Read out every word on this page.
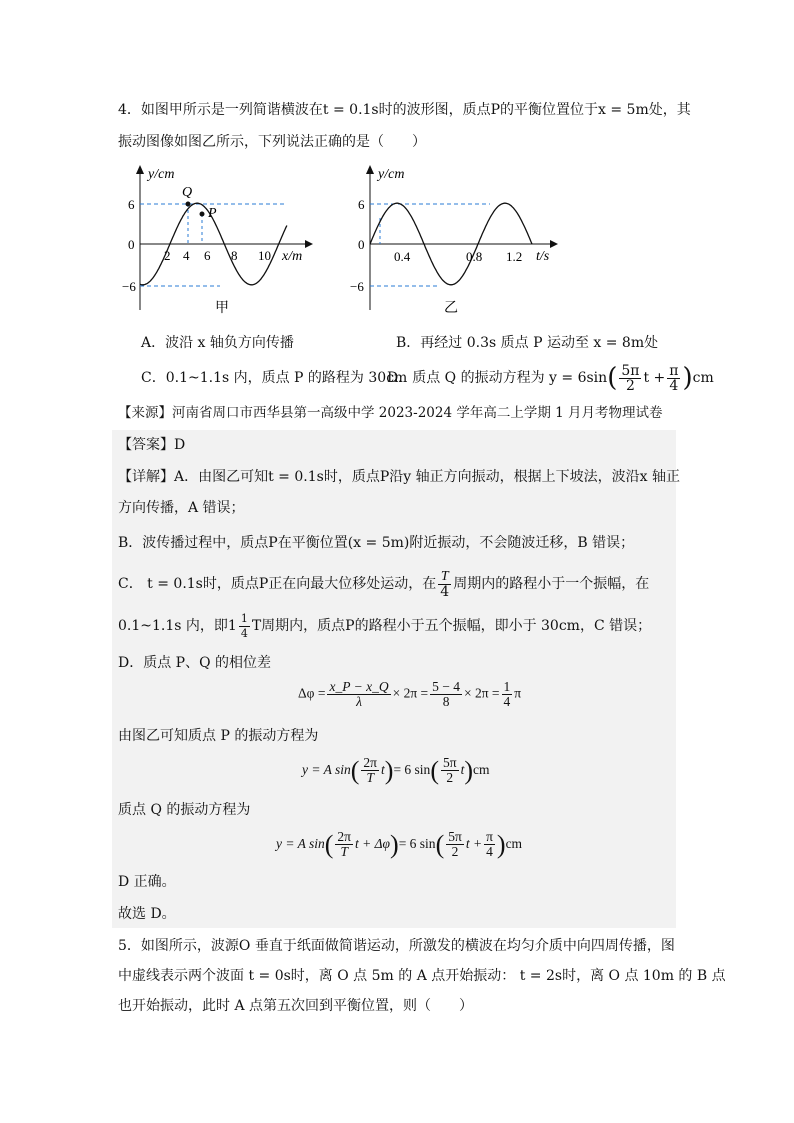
4．如图甲所示是一列简谐横波在t = 0.1s时的波形图，质点P的平衡位置位于x = 5m处，其
振动图像如图乙所示，下列说法正确的是（　　）
y/cm
x/m
Q
P
6
0
−6
2 4 6 8 10
甲
y/cm
t/s
6
0
−6
0.4	0.8 1.2
乙
A．波沿 x 轴负方向传播	B．再经过 0.3s 质点 P 运动至 x = 8m处
C．0.1~1.1s 内，质点 P 的路程为 30cm
D．质点 Q 的振动方程为 $y = 6\sin( \frac{5\pi}{2}$ $t + \frac{\pi}{4} )cm$
【来源】河南省周口市西华县第一高级中学 2023-2024 学年高二上学期 1 月月考物理试卷
【答案】D
【详解】A．由图乙可知t = 0.1s时，质点P沿y 轴正方向振动，根据上下坡法，波沿x 轴正
方向传播，A 错误；
B．波传播过程中，质点P在平衡位置(x = 5m)附近振动，不会随波迁移，B 错误；
C． t = 0.1s时，质点P正在向最大位移处运动，在 $\frac{T}{4}$ 周期内的路程小于一个振幅，在
0.1~1.1s 内，即$1 \frac{1}{4}$ T周期内，质点P的路程小于五个振幅，即小于 30cm，C 错误；
D．质点 P、Q 的相位差
$\Delta\varphi = \frac{x\_P - x\_Q}{\lambda} \times 2\pi = \frac{5 - 4}{8} \times 2\pi = \frac{1}{4}$ π
由图乙可知质点 P 的振动方程为
y = A $\sin( \frac{2\pi}{T} t)= 6$ $\sin( \frac{5\pi}{2} t)cm$
质点 Q 的振动方程为
y = A $\sin( \frac{2\pi}{T}$ t + Δφ)= 6 $\sin( \frac{5\pi}{2}$ $t + \frac{\pi}{4} )cm$
D 正确。
故选 D。
5．如图所示，波源O 垂直于纸面做简谐运动，所激发的横波在均匀介质中向四周传播，图
中虚线表示两个波面 t = 0s时，离 O 点 5m 的 A 点开始振动： t = 2s时，离 O 点 10m 的 B 点
也开始振动，此时 A 点第五次回到平衡位置，则（　　）
